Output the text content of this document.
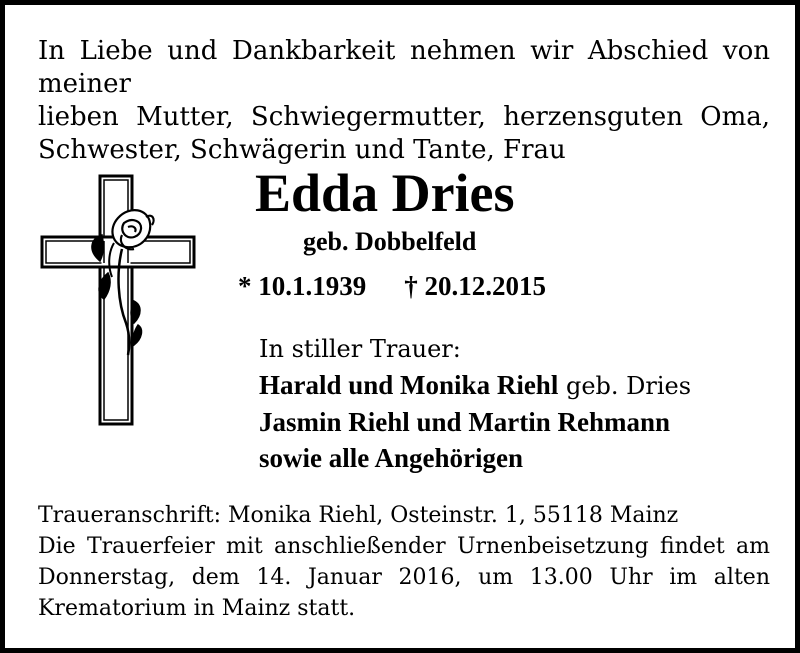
In Liebe und Dankbarkeit nehmen wir Abschied von meiner
lieben Mutter, Schwiegermutter, herzensguten Oma,
Schwester, Schwägerin und Tante, Frau

Edda Dries

geb. Dobbelfeld

* 10.1.1939 † 20.12.2015

In stiller Trauer:
Harald und Monika Riehl geb. Dries
Jasmin Riehl und Martin Rehmann
sowie alle Angehörigen
Traueranschrift: Monika Riehl, Osteinstr. 1, 55118 Mainz
Die Trauerfeier mit anschließender Urnenbeisetzung findet am
Donnerstag, dem 14. Januar 2016, um 13.00 Uhr im alten
Krematorium in Mainz statt.
